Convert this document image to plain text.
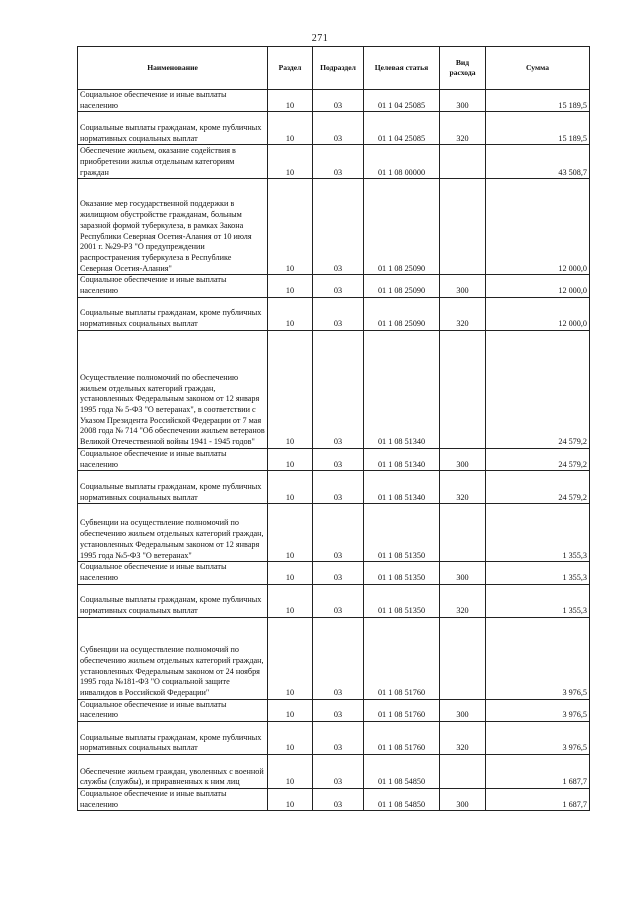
271
Наименование	Раздел	Подраздел	Целевая статья	Вид расхода	Сумма
Социальное обеспечение и иные выплаты населению	10	03	01 1 04 25085	300	15 189,5
Социальные выплаты гражданам, кроме публичных нормативных социальных выплат	10	03	01 1 04 25085	320	15 189,5
Обеспечение жильем, оказание содействия в приобретении жилья отдельным категориям граждан	10	03	01 1 08 00000		43 508,7
Оказание мер государственной поддержки в жилищном обустройстве гражданам, больным заразной формой туберкулеза, в рамках Закона Республики Северная Осетия-Алания от 10 июля 2001 г. №29-РЗ "О предупреждении распространения туберкулеза в Республике Северная Осетия-Алания"	10	03	01 1 08 25090		12 000,0
Социальное обеспечение и иные выплаты населению	10	03	01 1 08 25090	300	12 000,0
Социальные выплаты гражданам, кроме публичных нормативных социальных выплат	10	03	01 1 08 25090	320	12 000,0
Осуществление полномочий по обеспечению жильем отдельных категорий граждан, установленных Федеральным законом от 12 января 1995 года № 5-ФЗ "О ветеранах", в соответствии с Указом Президента Российской Федерации от 7 мая 2008 года № 714 "Об обеспечении жильем ветеранов Великой Отечественной войны 1941 - 1945 годов"	10	03	01 1 08 51340		24 579,2
Социальное обеспечение и иные выплаты населению	10	03	01 1 08 51340	300	24 579,2
Социальные выплаты гражданам, кроме публичных нормативных социальных выплат	10	03	01 1 08 51340	320	24 579,2
Субвенции на осуществление полномочий по обеспечению жильем отдельных категорий граждан, установленных Федеральным законом от 12 января 1995 года №5-ФЗ "О ветеранах"	10	03	01 1 08 51350		1 355,3
Социальное обеспечение и иные выплаты населению	10	03	01 1 08 51350	300	1 355,3
Социальные выплаты гражданам, кроме публичных нормативных социальных выплат	10	03	01 1 08 51350	320	1 355,3
Субвенции на осуществление полномочий по обеспечению жильем отдельных категорий граждан, установленных Федеральным законом от 24 ноября 1995 года №181-ФЗ "О социальной защите инвалидов в Российской Федерации"	10	03	01 1 08 51760		3 976,5
Социальное обеспечение и иные выплаты населению	10	03	01 1 08 51760	300	3 976,5
Социальные выплаты гражданам, кроме публичных нормативных социальных выплат	10	03	01 1 08 51760	320	3 976,5
Обеспечение жильем граждан, уволенных с военной службы (службы), и приравненных к ним лиц	10	03	01 1 08 54850		1 687,7
Социальное обеспечение и иные выплаты населению	10	03	01 1 08 54850	300	1 687,7
